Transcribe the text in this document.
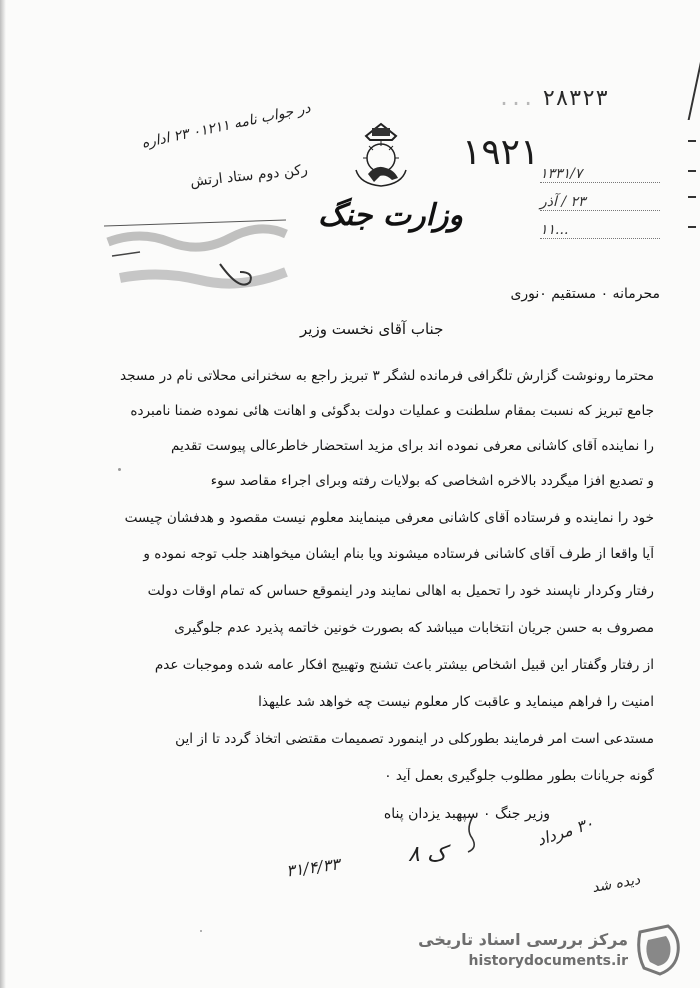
... ۲۸۳۲۳
در جواب نامه ۰۱۲۱۱ ۲۳ اداره
رکن دوم ستاد ارتش
۱۹۲۱
۱۳۳۱/۷
۲۳ / آذر
...۱۱
وزارت جنگ
محرمانه ۰ مستقیم ۰نوری
جناب آقای نخست وزیر
محترما رونوشت گزارش تلگرافی فرمانده لشگر ۳ تبریز راجع به سخنرانی محلاتی نام در مسجد
جامع تبریز که نسبت بمقام سلطنت و عملیات دولت بدگوئی و اهانت هائی نموده ضمنا نامبرده
را نماینده آقای کاشانی معرفی نموده اند برای مزید استحضار خاطرعالی پیوست تقدیم
و تصدیع افزا میگردد بالاخره اشخاصی که بولایات رفته وبرای اجراء مقاصد سوء
خود را نماینده و فرستاده آقای کاشانی معرفی مینمایند معلوم نیست مقصود و هدفشان چیست
آیا واقعا از طرف آقای کاشانی فرستاده میشوند ویا بنام ایشان میخواهند جلب توجه نموده و
رفتار وکردار ناپسند خود را تحمیل به اهالی نمایند ودر اینموقع حساس که تمام اوقات دولت
مصروف به حسن جریان انتخابات میباشد که بصورت خونین خاتمه پذیرد عدم جلوگیری
از رفتار وگفتار این قبیل اشخاص بیشتر باعث تشنج وتهییج افکار عامه شده وموجبات عدم
امنیت را فراهم مینماید و عاقبت کار معلوم نیست چه خواهد شد علیهذا
مستدعی است امر فرمایند بطورکلی در اینمورد تصمیمات مقتضی اتخاذ گردد تا از این
گونه جریانات بطور مطلوب جلوگیری بعمل آید ۰
وزیر جنگ ۰ سپهبد یزدان پناه
۳۰ مرداد
ک ۸
۳۱/۴/۳۳
دیده شد
مرکز بررسی اسناد تاریخی
historydocuments.ir
